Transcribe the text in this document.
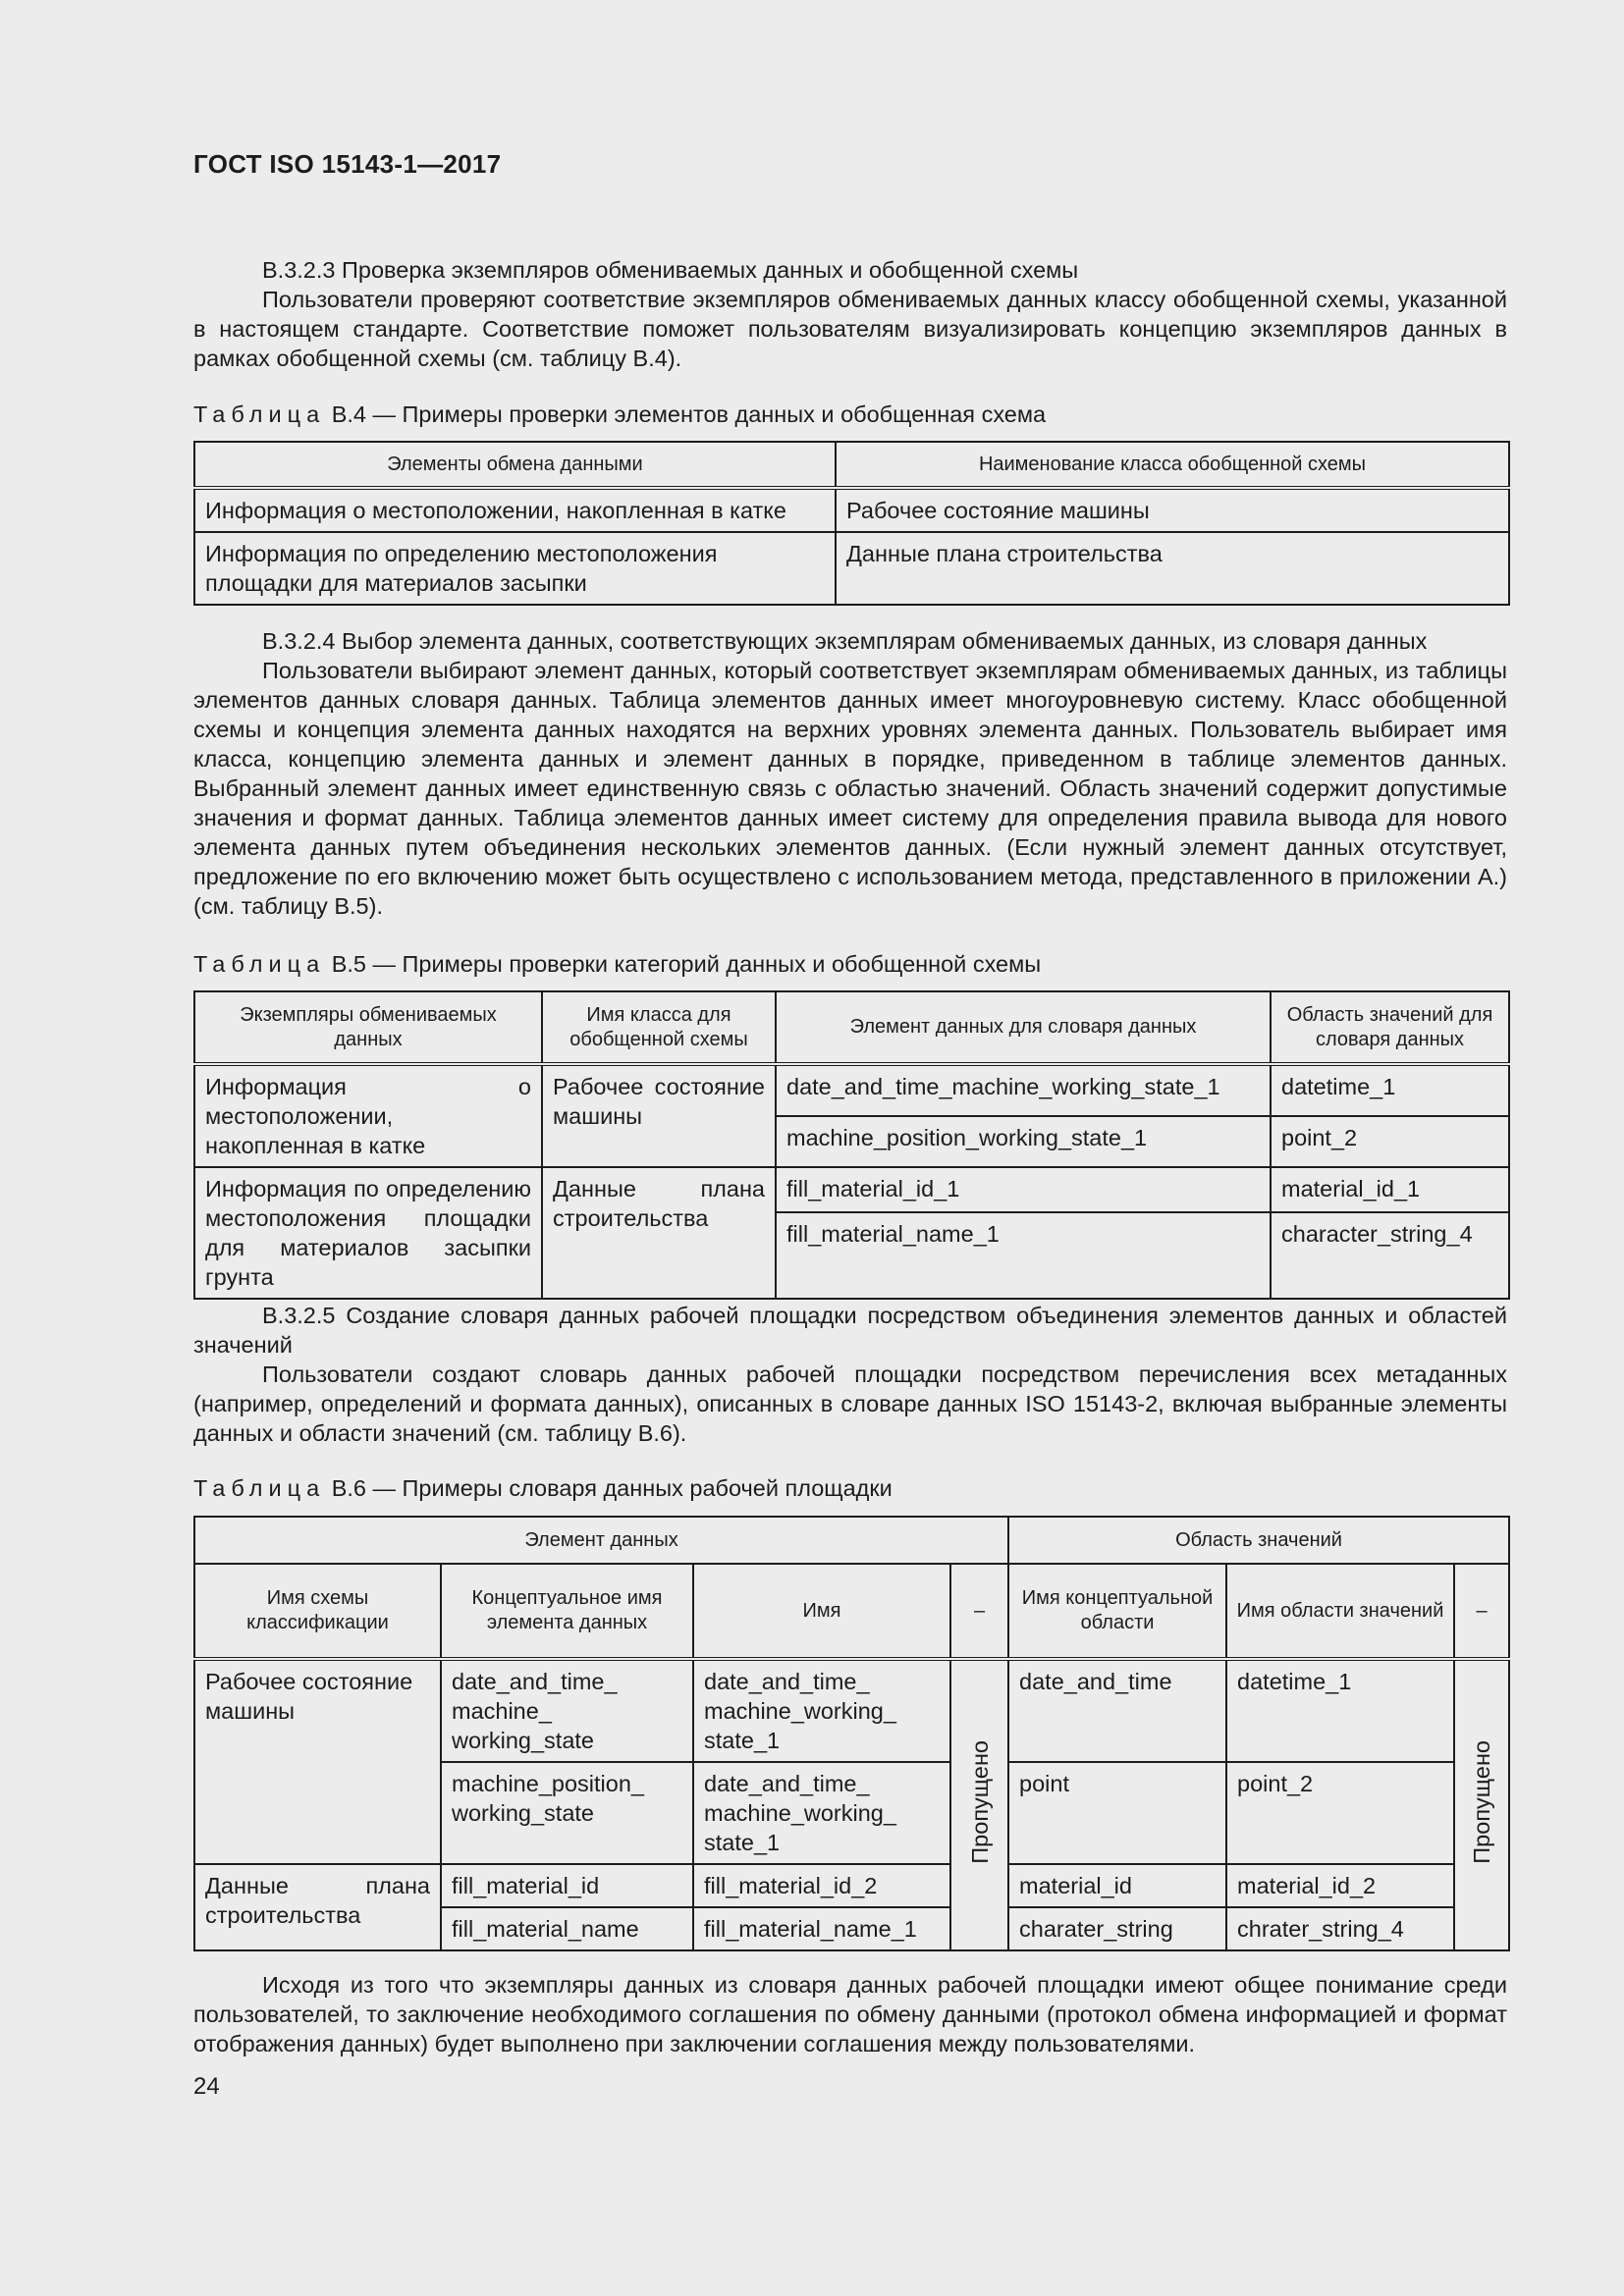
ГОСТ ISO 15143-1—2017

B.3.2.3 Проверка экземпляров обмениваемых данных и обобщенной схемы

Пользователи проверяют соответствие экземпляров обмениваемых данных классу обобщенной схемы, указанной в настоящем стандарте. Соответствие поможет пользователям визуализировать концепцию экземпляров данных в рамках обобщенной схемы (см. таблицу B.4).

Таблица B.4 — Примеры проверки элементов данных и обобщенная схема
Элементы обмена данными	Наименование класса обобщенной схемы
Информация о местоположении, накопленная в катке	Рабочее состояние машины
Информация по определению местоположения площадки для материалов засыпки	Данные плана строительства

B.3.2.4 Выбор элемента данных, соответствующих экземплярам обмениваемых данных, из словаря данных

Пользователи выбирают элемент данных, который соответствует экземплярам обмениваемых данных, из таблицы элементов данных словаря данных. Таблица элементов данных имеет многоуровневую систему. Класс обобщенной схемы и концепция элемента данных находятся на верхних уровнях элемента данных. Пользователь выбирает имя класса, концепцию элемента данных и элемент данных в порядке, приведенном в таблице элементов данных. Выбранный элемент данных имеет единственную связь с областью значений. Область значений содержит допустимые значения и формат данных. Таблица элементов данных имеет систему для определения правила вывода для нового элемента данных путем объединения нескольких элементов данных. (Если нужный элемент данных отсутствует, предложение по его включению может быть осуществлено с использованием метода, представленного в приложении А.) (см. таблицу B.5).

Таблица B.5 — Примеры проверки категорий данных и обобщенной схемы
Экземпляры обмениваемых данных	Имя класса для обобщенной схемы	Элемент данных для словаря данных	Область значений для словаря данных
Информация о местоположении, накопленная в катке	Рабочее состояние машины	date_and_time_machine_working_state_1	datetime_1
		machine_position_working_state_1	point_2
Информация по определению местоположения площадки для материалов засыпки грунта	Данные плана строительства	fill_material_id_1	material_id_1
		fill_material_name_1	character_string_4

B.3.2.5 Создание словаря данных рабочей площадки посредством объединения элементов данных и областей значений

Пользователи создают словарь данных рабочей площадки посредством перечисления всех метаданных (например, определений и формата данных), описанных в словаре данных ISO 15143-2, включая выбранные элементы данных и области значений (см. таблицу B.6).

Таблица B.6 — Примеры словаря данных рабочей площадки
Элемент данных				Область значений		
Имя схемы классификации	Концептуальное имя элемента данных	Имя	–	Имя концептуальной области	Имя области значений	–
Рабочее состояние машины	date_and_time_ machine_ working_state	date_and_time_ machine_working_ state_1	Пропущено	date_and_time	datetime_1	Пропущено
	machine_position_ working_state	date_and_time_ machine_working_ state_1		point	point_2	
Данные плана строительства	fill_material_id	fill_material_id_2		material_id	material_id_2	
	fill_material_name	fill_material_name_1		charater_string	chrater_string_4	

Исходя из того что экземпляры данных из словаря данных рабочей площадки имеют общее понимание среди пользователей, то заключение необходимого соглашения по обмену данными (протокол обмена информацией и формат отображения данных) будет выполнено при заключении соглашения между пользователями.

24
